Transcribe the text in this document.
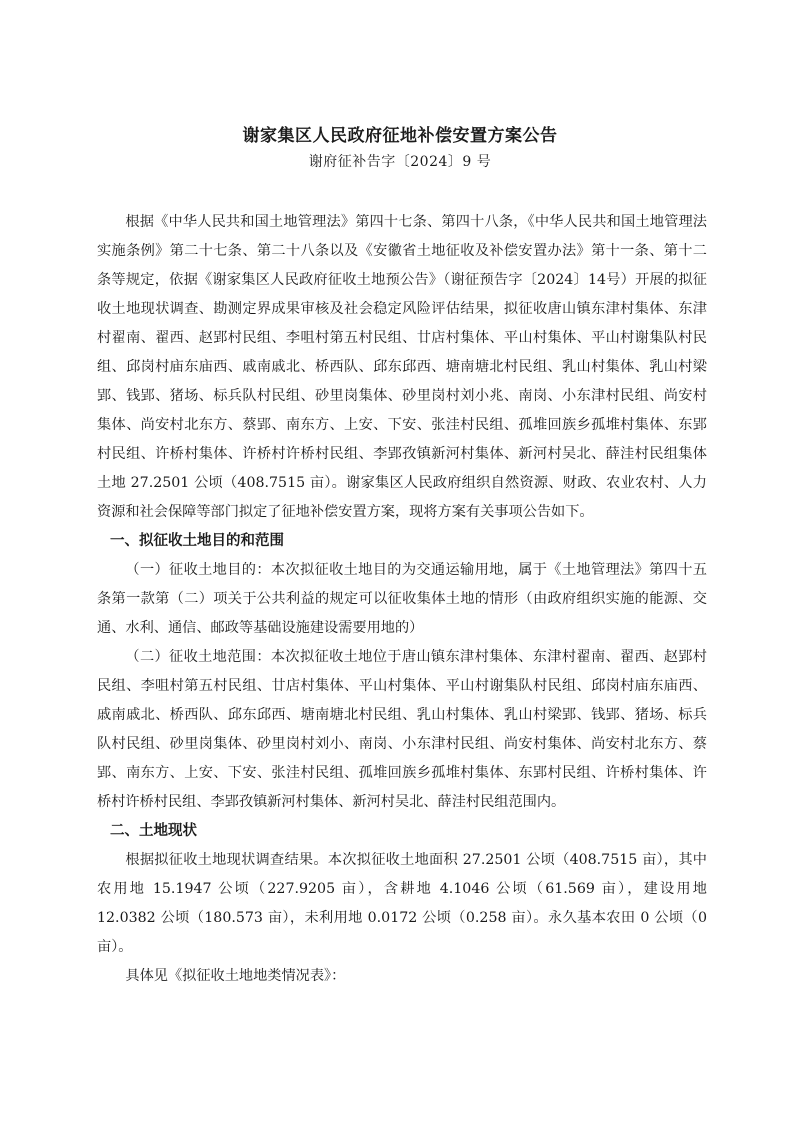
谢家集区人民政府征地补偿安置方案公告
谢府征补告字〔2024〕9 号

根据《中华人民共和国土地管理法》第四十七条、第四十八条，《中华人民共和国土地管理法实施条例》第二十七条、第二十八条以及《安徽省土地征收及补偿安置办法》第十一条、第十二条等规定，依据《谢家集区人民政府征收土地预公告》（谢征预告字〔2024〕14号）开展的拟征收土地现状调查、勘测定界成果审核及社会稳定风险评估结果，拟征收唐山镇东津村集体、东津村翟南、翟西、赵郢村民组、李咀村第五村民组、廿店村集体、平山村集体、平山村谢集队村民组、邱岗村庙东庙西、戚南戚北、桥西队、邱东邱西、塘南塘北村民组、乳山村集体、乳山村梁郢、钱郢、猪场、标兵队村民组、砂里岗集体、砂里岗村刘小兆、南岗、小东津村民组、尚安村集体、尚安村北东方、蔡郢、南东方、上安、下安、张洼村民组、孤堆回族乡孤堆村集体、东郢村民组、许桥村集体、许桥村许桥村民组、李郢孜镇新河村集体、新河村吴北、薛洼村民组集体土地 27.2501 公顷（408.7515 亩）。谢家集区人民政府组织自然资源、财政、农业农村、人力资源和社会保障等部门拟定了征地补偿安置方案，现将方案有关事项公告如下。

一、拟征收土地目的和范围

（一）征收土地目的：本次拟征收土地目的为交通运输用地，属于《土地管理法》第四十五条第一款第（二）项关于公共利益的规定可以征收集体土地的情形（由政府组织实施的能源、交通、水利、通信、邮政等基础设施建设需要用地的）

（二）征收土地范围：本次拟征收土地位于唐山镇东津村集体、东津村翟南、翟西、赵郢村民组、李咀村第五村民组、廿店村集体、平山村集体、平山村谢集队村民组、邱岗村庙东庙西、戚南戚北、桥西队、邱东邱西、塘南塘北村民组、乳山村集体、乳山村梁郢、钱郢、猪场、标兵队村民组、砂里岗集体、砂里岗村刘小、南岗、小东津村民组、尚安村集体、尚安村北东方、蔡郢、南东方、上安、下安、张洼村民组、孤堆回族乡孤堆村集体、东郢村民组、许桥村集体、许桥村许桥村民组、李郢孜镇新河村集体、新河村吴北、薛洼村民组范围内。

二、土地现状

根据拟征收土地现状调查结果。本次拟征收土地面积 27.2501 公顷（408.7515 亩），其中农用地 15.1947 公顷（227.9205 亩），含耕地 4.1046 公顷（61.569 亩），建设用地 12.0382 公顷（180.573 亩），未利用地 0.0172 公顷（0.258 亩）。永久基本农田 0 公顷（0 亩）。

具体见《拟征收土地地类情况表》：
